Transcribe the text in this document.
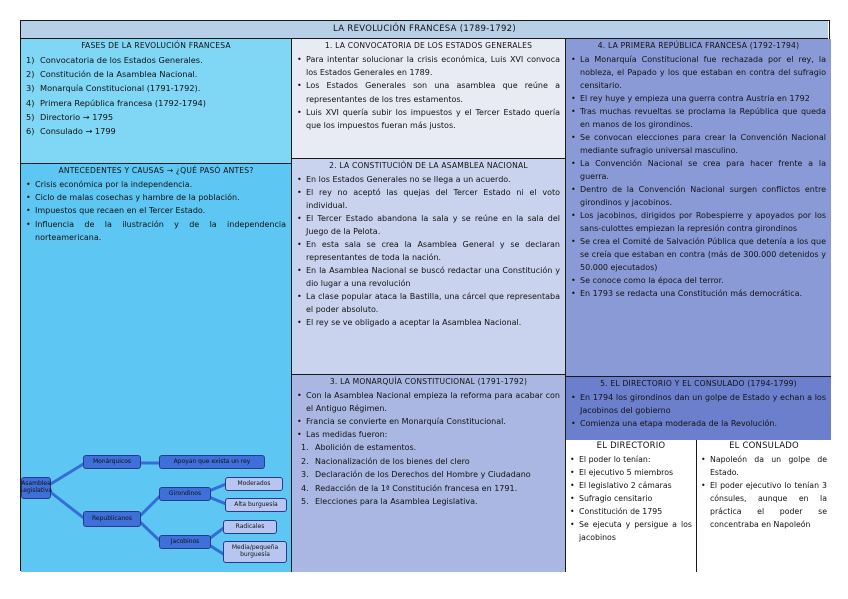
LA REVOLUCIÓN FRANCESA (1789-1792)
FASES DE LA REVOLUCIÓN FRANCESA
1) Convocatoria de los Estados Generales.
2) Constitución de la Asamblea Nacional.
3) Monarquía Constitucional (1791-1792).
4) Primera República francesa (1792-1794)
5) Directorio → 1795
6) Consulado → 1799
ANTECEDENTES Y CAUSAS → ¿QUÉ PASÓ ANTES?
• Crisis económica por la independencia.
• Ciclo de malas cosechas y hambre de la población.
• Impuestos que recaen en el Tercer Estado.
• Influencia de la ilustración y de la independencia norteamericana.
Asamblea Legislativa
Monárquicos	Apoyan que exista un rey
Republicanos
Girondinos
Moderados
Alta burguesía
Jacobinos
Radicales
Media/pequeña burguesía
1. LA CONVOCATORIA DE LOS ESTADOS GENERALES
• Para intentar solucionar la crisis económica, Luis XVI convoca los Estados Generales en 1789.
• Los Estados Generales son una asamblea que reúne a representantes de los tres estamentos.
• Luis XVI quería subir los impuestos y el Tercer Estado quería que los impuestos fueran más justos.
2. LA CONSTITUCIÓN DE LA ASAMBLEA NACIONAL
• En los Estados Generales no se llega a un acuerdo.
• El rey no aceptó las quejas del Tercer Estado ni el voto individual.
• El Tercer Estado abandona la sala y se reúne en la sala del Juego de la Pelota.
• En esta sala se crea la Asamblea General y se declaran representantes de toda la nación.
• En la Asamblea Nacional se buscó redactar una Constitución y dio lugar a una revolución
• La clase popular ataca la Bastilla, una cárcel que representaba el poder absoluto.
• El rey se ve obligado a aceptar la Asamblea Nacional.
3. LA MONARQUÍA CONSTITUCIONAL (1791-1792)
• Con la Asamblea Nacional empieza la reforma para acabar con el Antiguo Régimen.
• Francia se convierte en Monarquía Constitucional.
• Las medidas fueron:
1. Abolición de estamentos.
2. Nacionalización de los bienes del clero
3. Declaración de los Derechos del Hombre y Ciudadano
4. Redacción de la 1ª Constitución francesa en 1791.
5. Elecciones para la Asamblea Legislativa.
4. LA PRIMERA REPÚBLICA FRANCESA (1792-1794)
• La Monarquía Constitucional fue rechazada por el rey, la nobleza, el Papado y los que estaban en contra del sufragio censitario.
• El rey huye y empieza una guerra contra Austria en 1792
• Tras muchas revueltas se proclama la República que queda en manos de los girondinos.
• Se convocan elecciones para crear la Convención Nacional mediante sufragio universal masculino.
• La Convención Nacional se crea para hacer frente a la guerra.
• Dentro de la Convención Nacional surgen conflictos entre girondinos y jacobinos.
• Los jacobinos, dirigidos por Robespierre y apoyados por los sans-culottes empiezan la represión contra girondinos
• Se crea el Comité de Salvación Pública que detenía a los que se creía que estaban en contra (más de 300.000 detenidos y 50.000 ejecutados)
• Se conoce como la época del terror.
• En 1793 se redacta una Constitución más democrática.
5. EL DIRECTORIO Y EL CONSULADO (1794-1799)
• En 1794 los girondinos dan un golpe de Estado y echan a los Jacobinos del gobierno
• Comienza una etapa moderada de la Revolución.
EL DIRECTORIO
• El poder lo tenían:
• El ejecutivo 5 miembros
• El legislativo 2 cámaras
• Sufragio censitario
• Constitución de 1795
• Se ejecuta y persigue a los jacobinos
EL CONSULADO
• Napoleón da un golpe de Estado.
• El poder ejecutivo lo tenían 3 cónsules, aunque en la práctica el poder se concentraba en Napoleón
